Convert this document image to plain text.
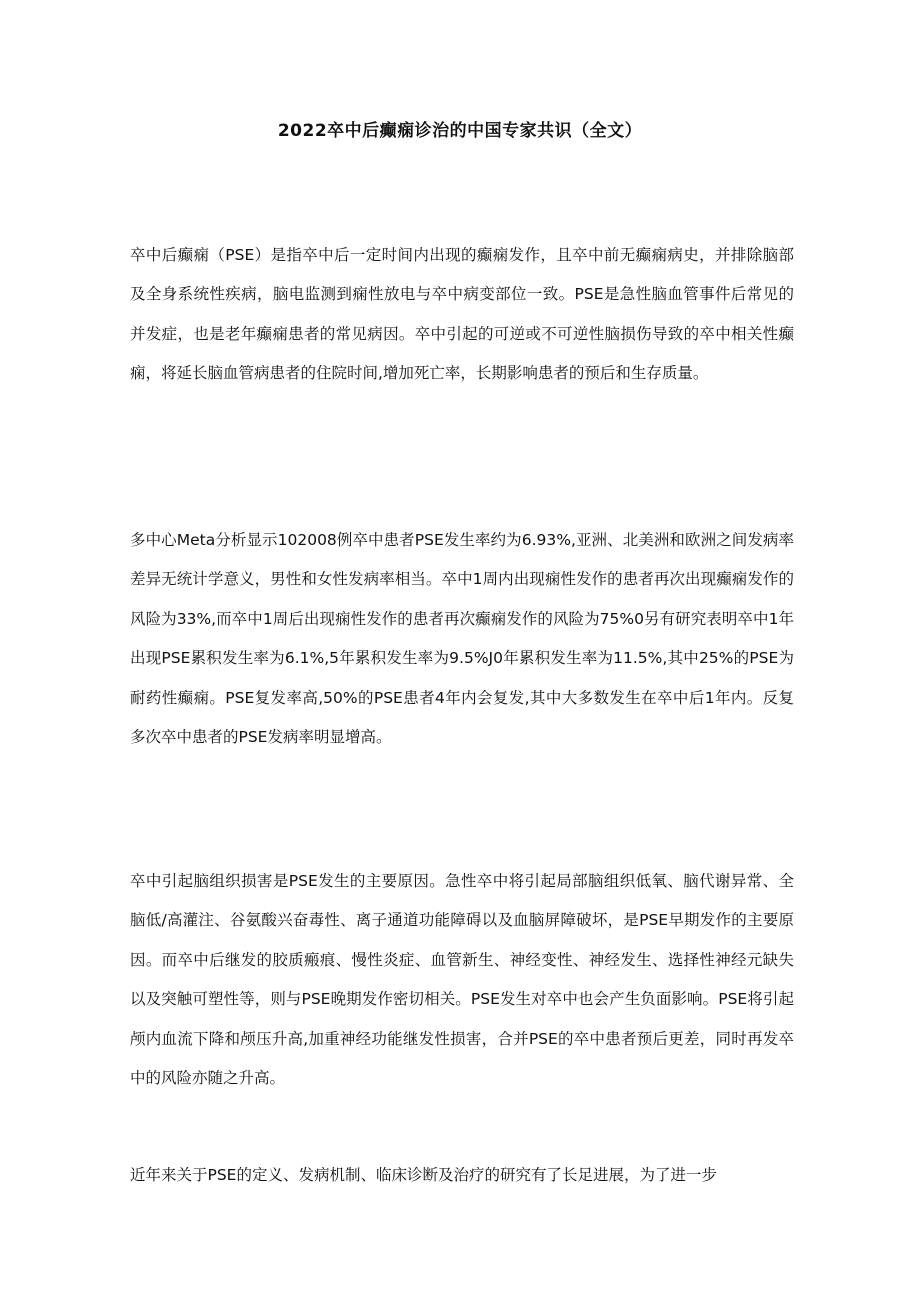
2022卒中后癫痫诊治的中国专家共识（全文）

卒中后癫痫（PSE）是指卒中后一定时间内出现的癫痫发作，且卒中前无癫痫病史，并排除脑部及全身系统性疾病，脑电监测到痫性放电与卒中病变部位一致。PSE是急性脑血管事件后常见的并发症，也是老年癫痫患者的常见病因。卒中引起的可逆或不可逆性脑损伤导致的卒中相关性癫痫，将延长脑血管病患者的住院时间,增加死亡率，长期影响患者的预后和生存质量。

多中心Meta分析显示102008例卒中患者PSE发生率约为6.93%,亚洲、北美洲和欧洲之间发病率差异无统计学意义，男性和女性发病率相当。卒中1周内出现痫性发作的患者再次出现癫痫发作的风险为33%,而卒中1周后出现痫性发作的患者再次癫痫发作的风险为75%0另有研究表明卒中1年出现PSE累积发生率为6.1%,5年累积发生率为9.5%J0年累积发生率为11.5%,其中25%的PSE为耐药性癫痫。PSE复发率高,50%的PSE患者4年内会复发,其中大多数发生在卒中后1年内。反复多次卒中患者的PSE发病率明显增高。

卒中引起脑组织损害是PSE发生的主要原因。急性卒中将引起局部脑组织低氧、脑代谢异常、全脑低/高灌注、谷氨酸兴奋毒性、离子通道功能障碍以及血脑屏障破坏，是PSE早期发作的主要原因。而卒中后继发的胶质瘢痕、慢性炎症、血管新生、神经变性、神经发生、选择性神经元缺失以及突触可塑性等，则与PSE晚期发作密切相关。PSE发生对卒中也会产生负面影响。PSE将引起颅内血流下降和颅压升高,加重神经功能继发性损害，合并PSE的卒中患者预后更差，同时再发卒中的风险亦随之升高。

近年来关于PSE的定义、发病机制、临床诊断及治疗的研究有了长足进展，为了进一步
